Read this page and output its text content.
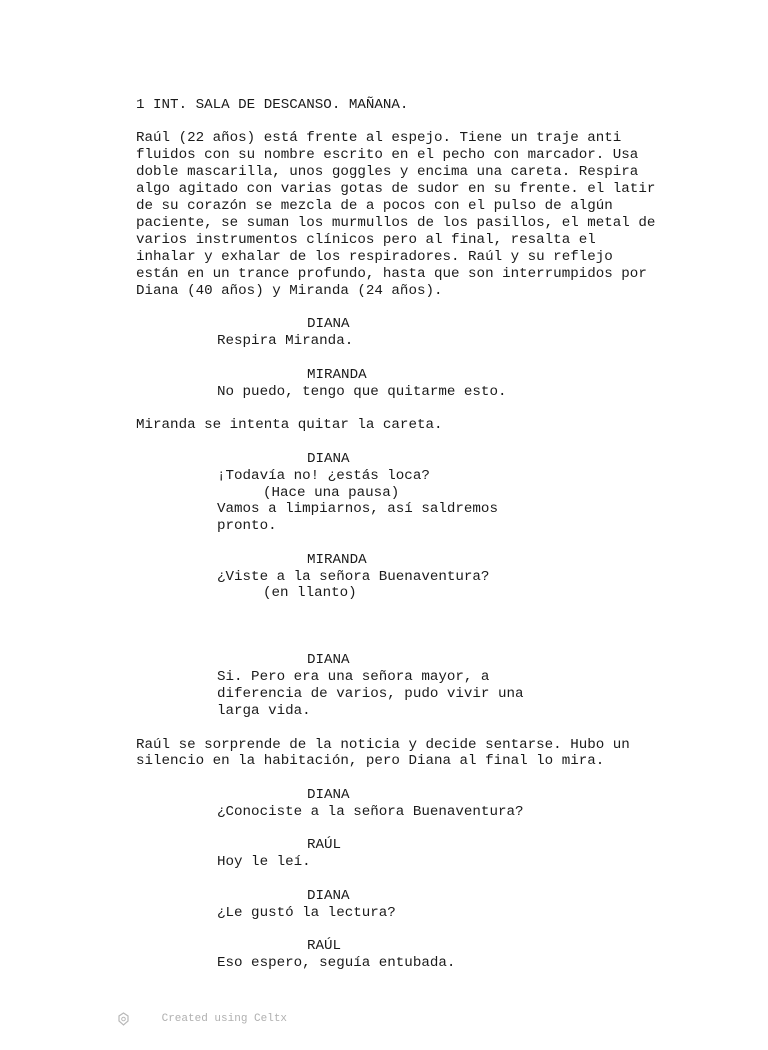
1 INT. SALA DE DESCANSO. MAÑANA.

Raúl (22 años) está frente al espejo. Tiene un traje anti

fluidos con su nombre escrito en el pecho con marcador. Usa

doble mascarilla, unos goggles y encima una careta. Respira

algo agitado con varias gotas de sudor en su frente. el latir

de su corazón se mezcla de a pocos con el pulso de algún

paciente, se suman los murmullos de los pasillos, el metal de

varios instrumentos clínicos pero al final, resalta el

inhalar y exhalar de los respiradores. Raúl y su reflejo

están en un trance profundo, hasta que son interrumpidos por

Diana (40 años) y Miranda (24 años).

DIANA

Respira Miranda.

MIRANDA

No puedo, tengo que quitarme esto.

Miranda se intenta quitar la careta.

DIANA

¡Todavía no! ¿estás loca?

(Hace una pausa)

Vamos a limpiarnos, así saldremos

pronto.

MIRANDA

¿Viste a la señora Buenaventura?

(en llanto)

DIANA

Si. Pero era una señora mayor, a

diferencia de varios, pudo vivir una

larga vida.

Raúl se sorprende de la noticia y decide sentarse. Hubo un

silencio en la habitación, pero Diana al final lo mira.

DIANA

¿Conociste a la señora Buenaventura?

RAÚL

Hoy le leí.

DIANA

¿Le gustó la lectura?

RAÚL

Eso espero, seguía entubada.

Created using Celtx
